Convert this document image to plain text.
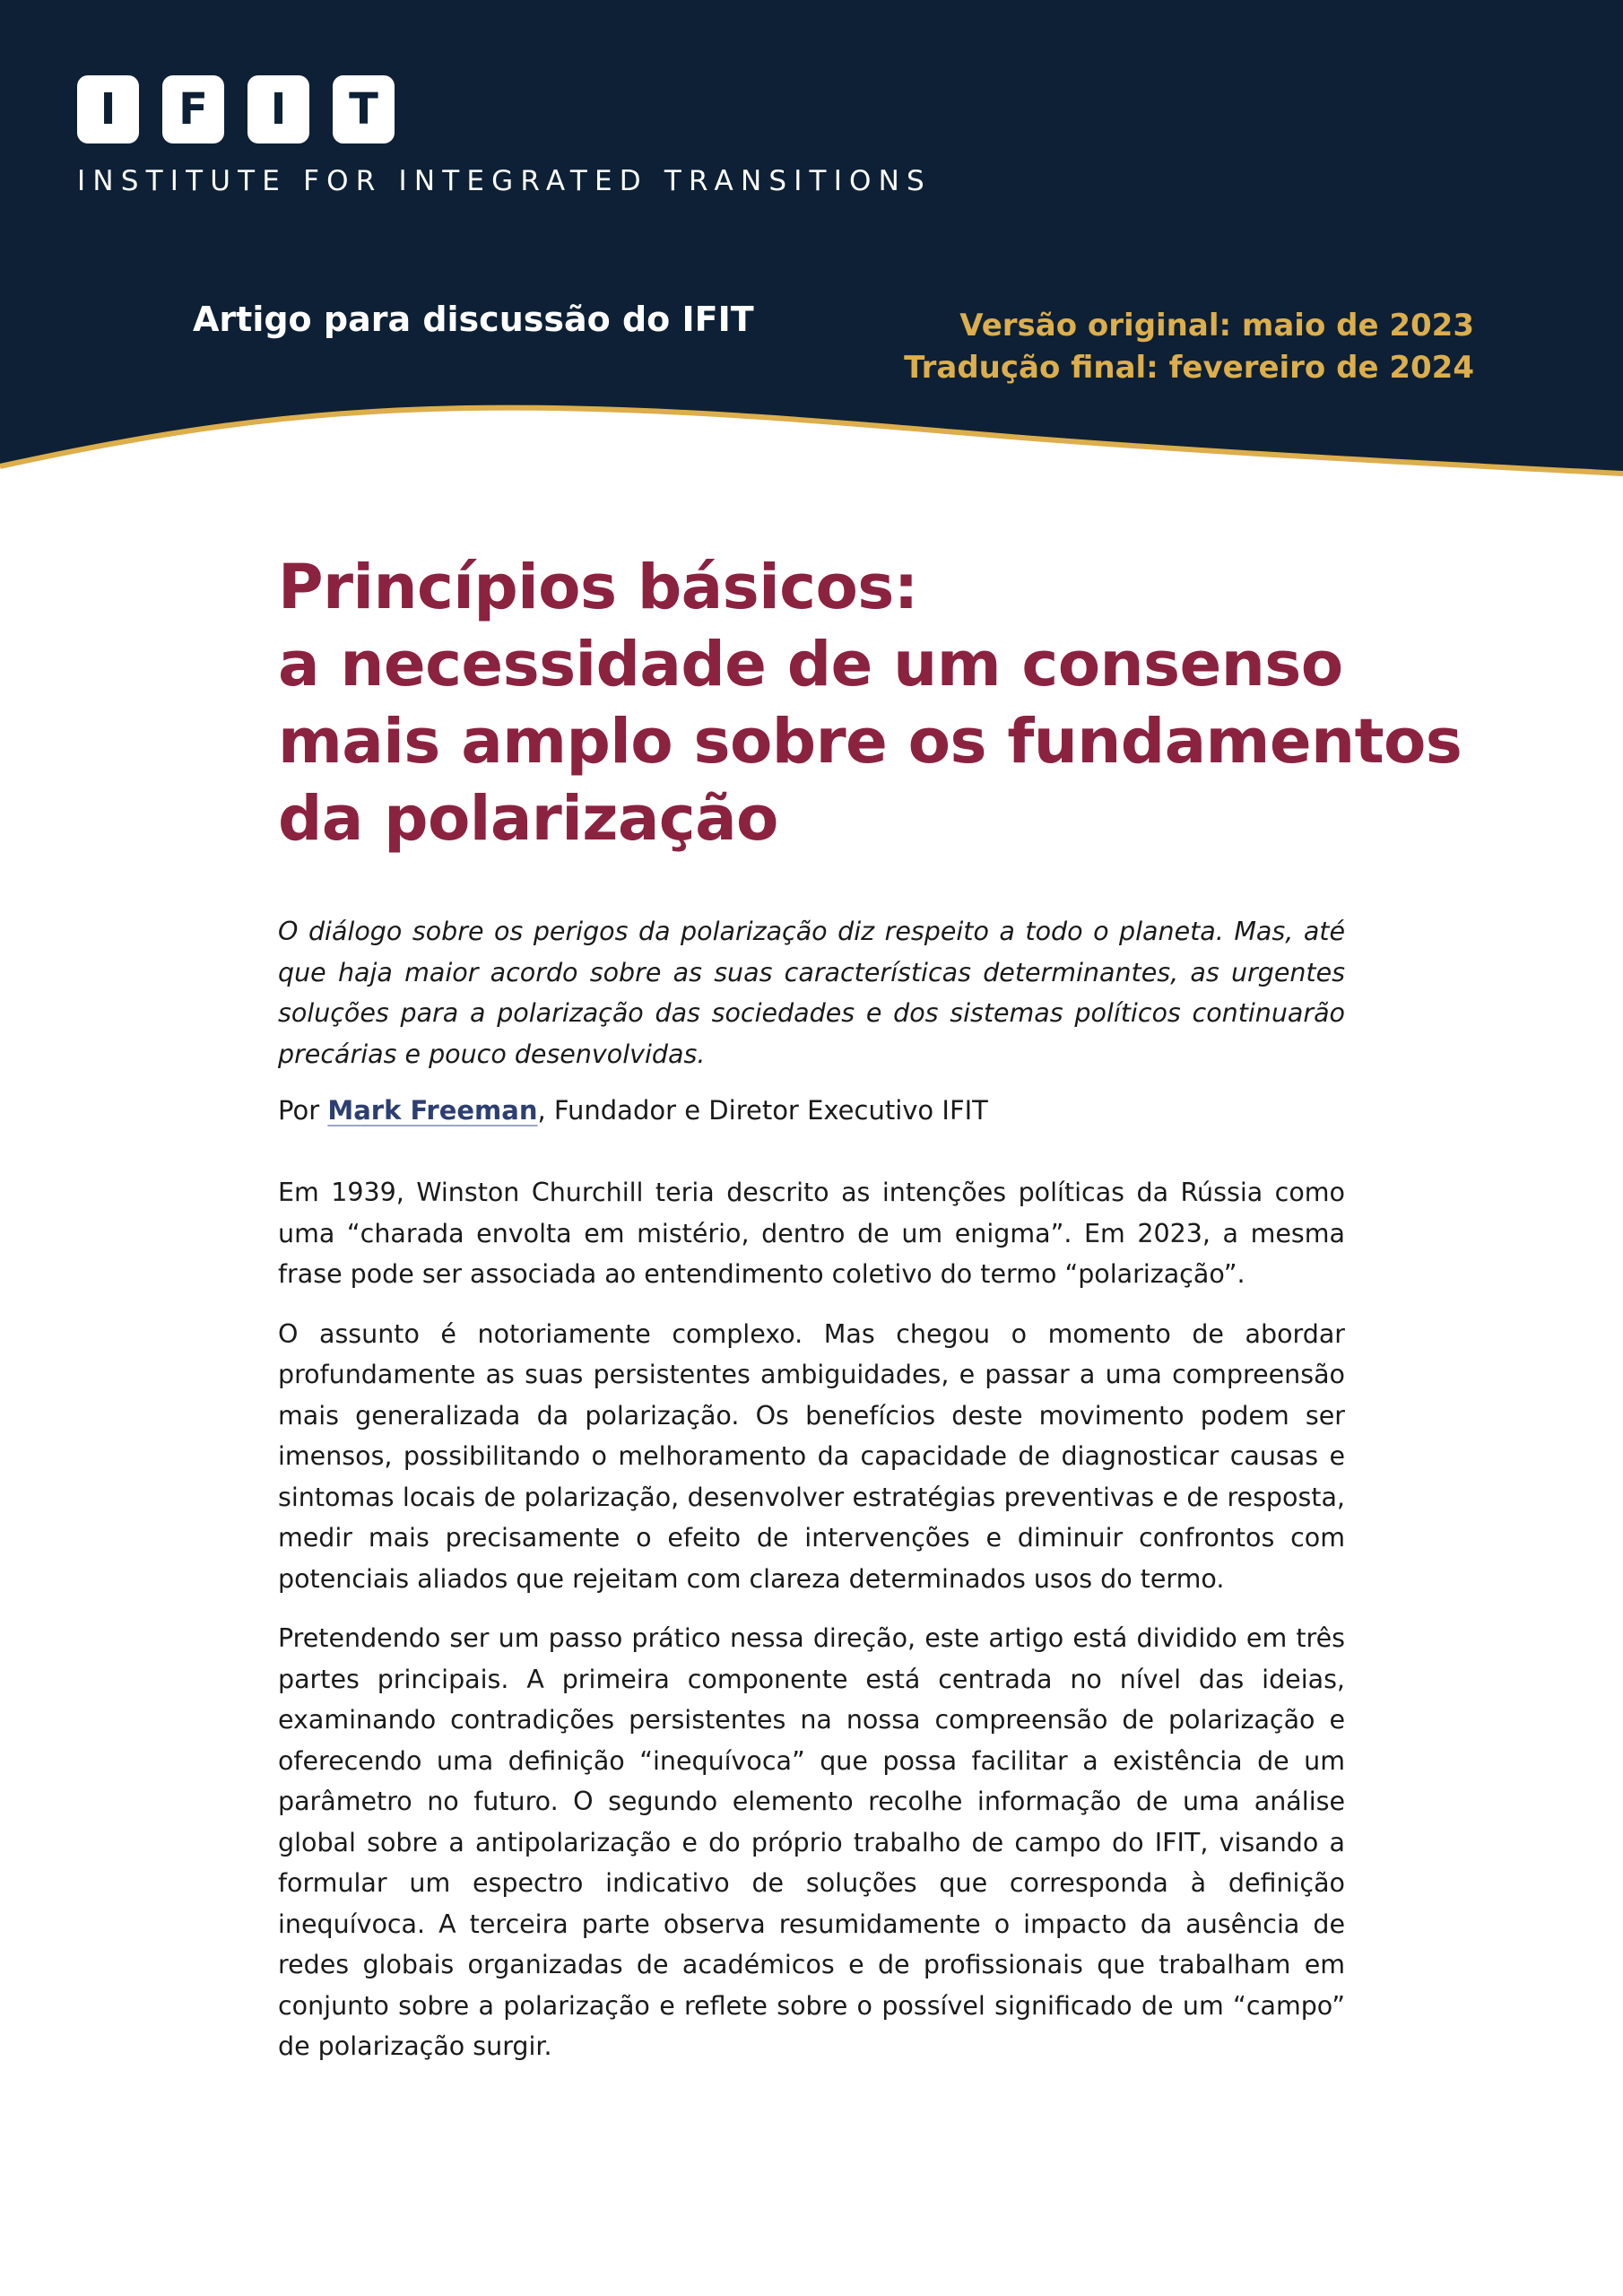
I	F	I	T
INSTITUTE FOR INTEGRATED TRANSITIONS
Artigo para discussão do IFIT	Versão original: maio de 2023
Tradução final: fevereiro de 2024
Princípios básicos:
a necessidade de um consenso
mais amplo sobre os fundamentos
da polarização

O diálogo sobre os perigos da polarização diz respeito a todo o planeta. Mas, até que haja maior acordo sobre as suas características determinantes, as urgentes soluções para a polarização das sociedades e dos sistemas políticos continuarão precárias e pouco desenvolvidas.

Por Mark Freeman, Fundador e Diretor Executivo IFIT

Em 1939, Winston Churchill teria descrito as intenções políticas da Rússia como uma “charada envolta em mistério, dentro de um enigma”. Em 2023, a mesma frase pode ser associada ao entendimento coletivo do termo “polarização”.

O assunto é notoriamente complexo. Mas chegou o momento de abordar profundamente as suas persistentes ambiguidades, e passar a uma compreensão mais generalizada da polarização. Os benefícios deste movimento podem ser imensos, possibilitando o melhoramento da capacidade de diagnosticar causas e sintomas locais de polarização, desenvolver estratégias preventivas e de resposta, medir mais precisamente o efeito de intervenções e diminuir confrontos com potenciais aliados que rejeitam com clareza determinados usos do termo.

Pretendendo ser um passo prático nessa direção, este artigo está dividido em três partes principais. A primeira componente está centrada no nível das ideias, examinando contradições persistentes na nossa compreensão de polarização e oferecendo uma definição “inequívoca” que possa facilitar a existência de um parâmetro no futuro. O segundo elemento recolhe informação de uma análise global sobre a antipolarização e do próprio trabalho de campo do IFIT, visando a formular um espectro indicativo de soluções que corresponda à definição inequívoca. A terceira parte observa resumidamente o impacto da ausência de redes globais organizadas de académicos e de profissionais que trabalham em conjunto sobre a polarização e reflete sobre o possível significado de um “campo” de polarização surgir.
